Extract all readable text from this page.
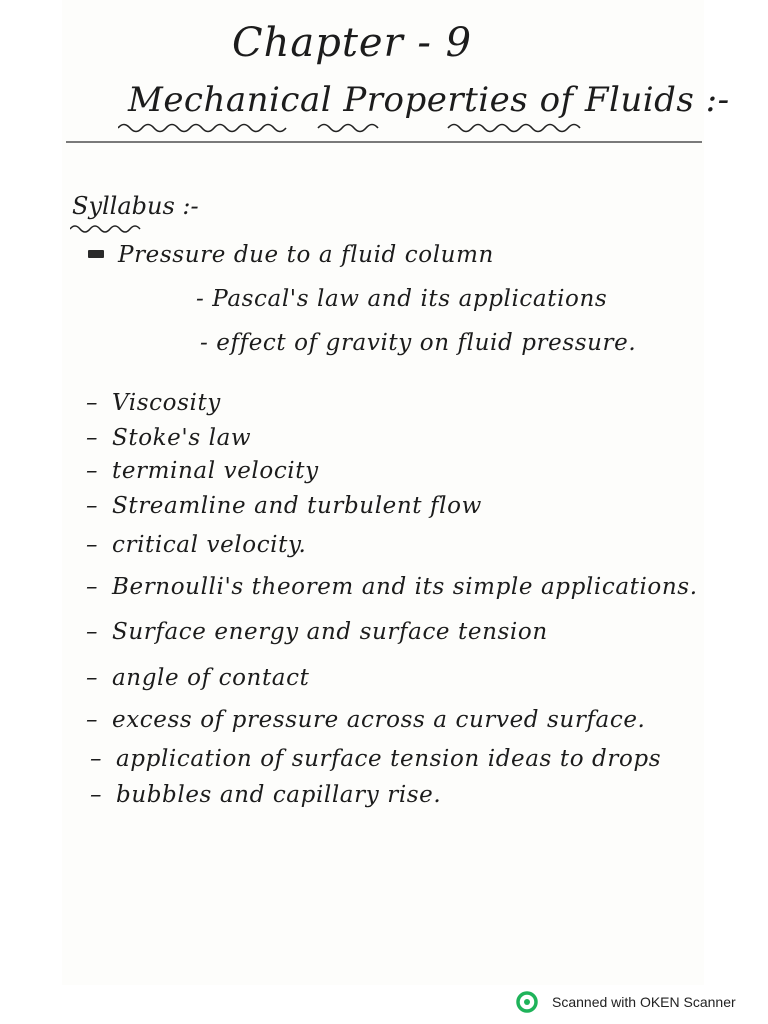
Chapter - 9
Mechanical Properties of Fluids :-
Syllabus :-
Pressure due to a fluid column
- Pascal's law and its applications
- effect of gravity on fluid pressure.
– Viscosity
– Stoke's law
– terminal velocity
– Streamline and turbulent flow
– critical velocity.
– Bernoulli's theorem and its simple applications.
– Surface energy and surface tension
– angle of contact
– excess of pressure across a curved surface.
– application of surface tension ideas to drops
– bubbles and capillary rise.
Scanned with OKEN Scanner
